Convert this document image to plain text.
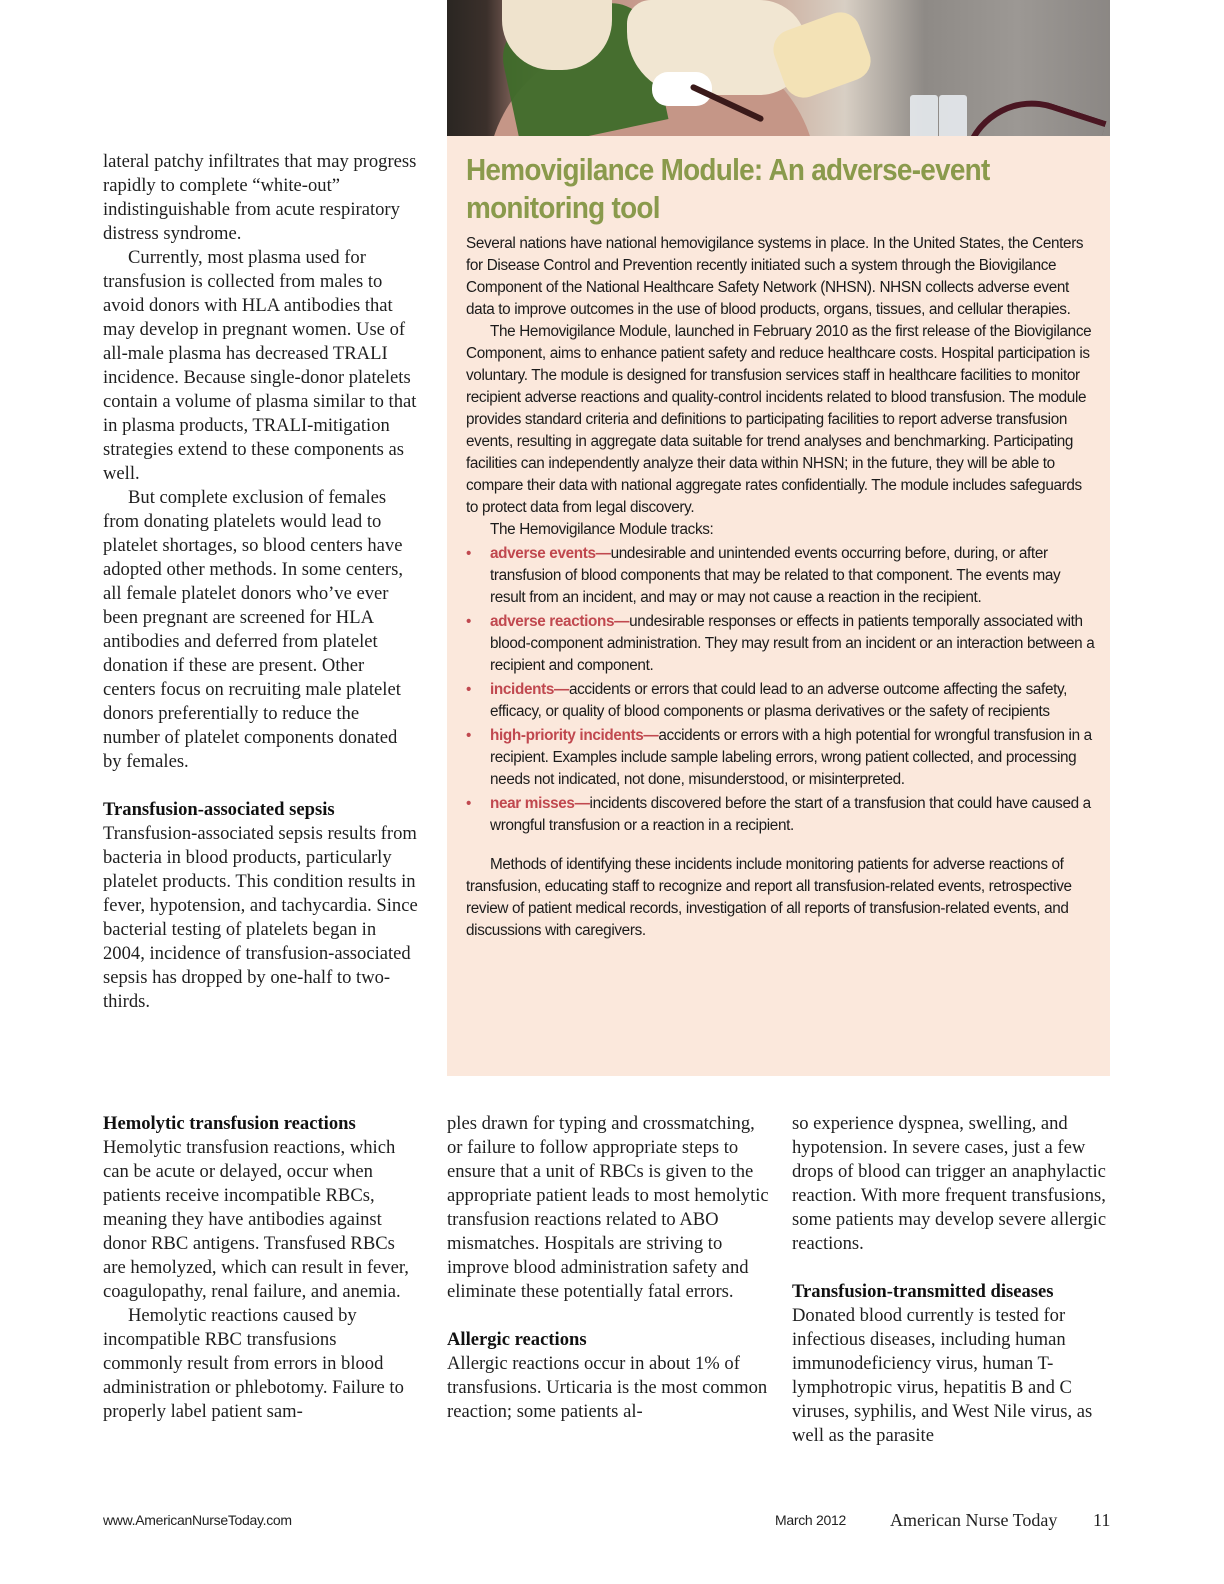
lateral patchy infiltrates that may progress rapidly to complete “white-out” indistinguishable from acute respiratory distress syndrome.

Currently, most plasma used for transfusion is collected from males to avoid donors with HLA antibodies that may develop in pregnant women. Use of all-male plasma has decreased TRALI incidence. Because single-donor platelets contain a volume of plasma similar to that in plasma products, TRALI-mitigation strategies extend to these components as well.

But complete exclusion of females from donating platelets would lead to platelet shortages, so blood centers have adopted other methods. In some centers, all female platelet donors who’ve ever been pregnant are screened for HLA antibodies and deferred from platelet donation if these are present. Other centers focus on recruiting male platelet donors preferentially to reduce the number of platelet components donated by females.

Transfusion-associated sepsis

Transfusion-associated sepsis results from bacteria in blood products, particularly platelet products. This condition results in fever, hypotension, and tachycardia. Since bacterial testing of platelets began in 2004, incidence of transfusion-associated sepsis has dropped by one-half to two-thirds.

Hemovigilance Module: An adverse-event monitoring tool

Several nations have national hemovigilance systems in place. In the United States, the Centers for Disease Control and Prevention recently initiated such a system through the Biovigilance Component of the National Healthcare Safety Network (NHSN). NHSN collects adverse event data to improve outcomes in the use of blood products, organs, tissues, and cellular therapies.

The Hemovigilance Module, launched in February 2010 as the first release of the Biovigilance Component, aims to enhance patient safety and reduce healthcare costs. Hospital participation is voluntary. The module is designed for transfusion services staff in healthcare facilities to monitor recipient adverse reactions and quality-control incidents related to blood transfusion. The module provides standard criteria and definitions to participating facilities to report adverse transfusion events, resulting in aggregate data suitable for trend analyses and benchmarking. Participating facilities can independently analyze their data within NHSN; in the future, they will be able to compare their data with national aggregate rates confidentially. The module includes safeguards to protect data from legal discovery.

The Hemovigilance Module tracks:

• adverse events—undesirable and unintended events occurring before, during, or after transfusion of blood components that may be related to that component. The events may result from an incident, and may or may not cause a reaction in the recipient.
• adverse reactions—undesirable responses or effects in patients temporally associated with blood-component administration. They may result from an incident or an interaction between a recipient and component.
• incidents—accidents or errors that could lead to an adverse outcome affecting the safety, efficacy, or quality of blood components or plasma derivatives or the safety of recipients
• high-priority incidents—accidents or errors with a high potential for wrongful transfusion in a recipient. Examples include sample labeling errors, wrong patient collected, and processing needs not indicated, not done, misunderstood, or misinterpreted.
• near misses—incidents discovered before the start of a transfusion that could have caused a wrongful transfusion or a reaction in a recipient.

Methods of identifying these incidents include monitoring patients for adverse reactions of transfusion, educating staff to recognize and report all transfusion-related events, retrospective review of patient medical records, investigation of all reports of transfusion-related events, and discussions with caregivers.

Hemolytic transfusion reactions

Hemolytic transfusion reactions, which can be acute or delayed, occur when patients receive incompatible RBCs, meaning they have antibodies against donor RBC antigens. Transfused RBCs are hemolyzed, which can result in fever, coagulopathy, renal failure, and anemia.

Hemolytic reactions caused by incompatible RBC transfusions commonly result from errors in blood administration or phlebotomy. Failure to properly label patient sam-

ples drawn for typing and crossmatching, or failure to follow appropriate steps to ensure that a unit of RBCs is given to the appropriate patient leads to most hemolytic transfusion reactions related to ABO mismatches. Hospitals are striving to improve blood administration safety and eliminate these potentially fatal errors.

Allergic reactions

Allergic reactions occur in about 1% of transfusions. Urticaria is the most common reaction; some patients al-

so experience dyspnea, swelling, and hypotension. In severe cases, just a few drops of blood can trigger an anaphylactic reaction. With more frequent transfusions, some patients may develop severe allergic reactions.

Transfusion-transmitted diseases

Donated blood currently is tested for infectious diseases, including human immunodeficiency virus, human T-lymphotropic virus, hepatitis B and C viruses, syphilis, and West Nile virus, as well as the parasite

www.AmericanNurseToday.com	March 2012 American Nurse Today 11
